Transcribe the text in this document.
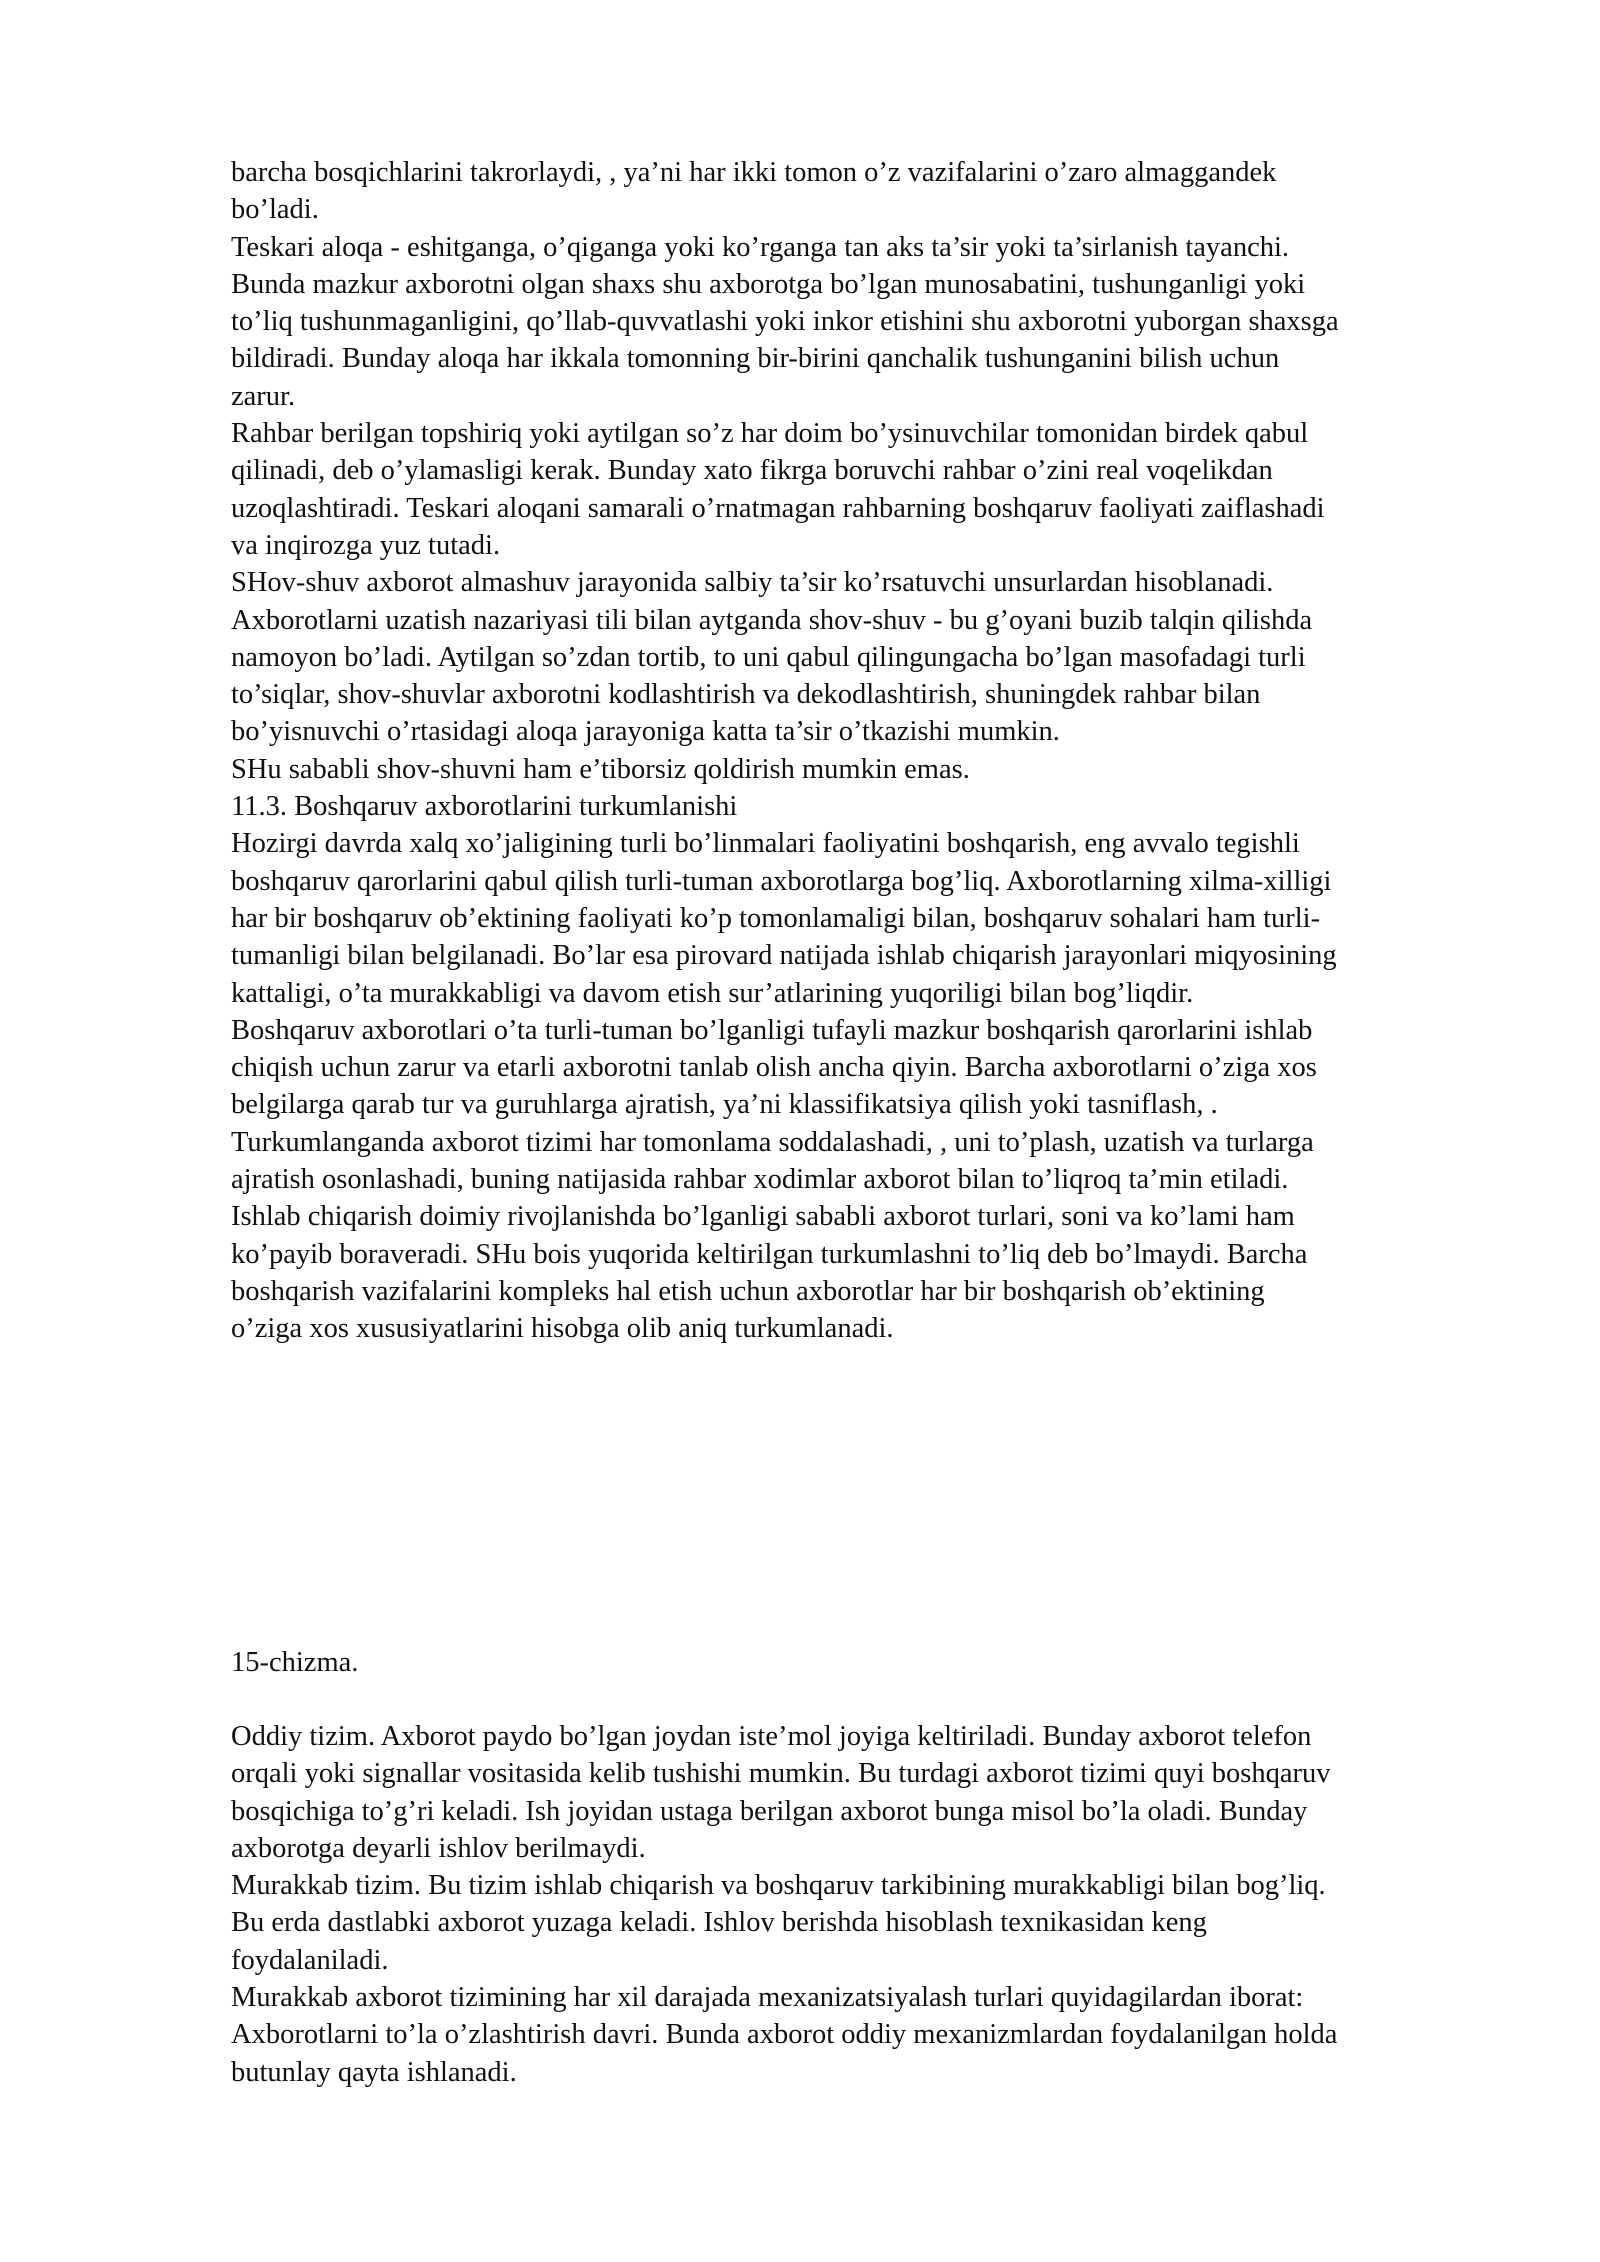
barcha bosqichlarini takrorlaydi, , ya’ni har ikki tomon o’z vazifalarini o’zaro almaggandek
bo’ladi.
Teskari aloqa - eshitganga, o’qiganga yoki ko’rganga tan aks ta’sir yoki ta’sirlanish tayanchi.
Bunda mazkur axborotni olgan shaxs shu axborotga bo’lgan munosabatini, tushunganligi yoki
to’liq tushunmaganligini, qo’llab-quvvatlashi yoki inkor etishini shu axborotni yuborgan shaxsga
bildiradi. Bunday aloqa har ikkala tomonning bir-birini qanchalik tushunganini bilish uchun
zarur.
Rahbar berilgan topshiriq yoki aytilgan so’z har doim bo’ysinuvchilar tomonidan birdek qabul
qilinadi, deb o’ylamasligi kerak. Bunday xato fikrga boruvchi rahbar o’zini real voqelikdan
uzoqlashtiradi. Teskari aloqani samarali o’rnatmagan rahbarning boshqaruv faoliyati zaiflashadi
va inqirozga yuz tutadi.
SHov-shuv axborot almashuv jarayonida salbiy ta’sir ko’rsatuvchi unsurlardan hisoblanadi.
Axborotlarni uzatish nazariyasi tili bilan aytganda shov-shuv - bu g’oyani buzib talqin qilishda
namoyon bo’ladi. Aytilgan so’zdan tortib, to uni qabul qilingungacha bo’lgan masofadagi turli
to’siqlar, shov-shuvlar axborotni kodlashtirish va dekodlashtirish, shuningdek rahbar bilan
bo’yisnuvchi o’rtasidagi aloqa jarayoniga katta ta’sir o’tkazishi mumkin.
SHu sababli shov-shuvni ham e’tiborsiz qoldirish mumkin emas.
11.3. Boshqaruv axborotlarini turkumlanishi
Hozirgi davrda xalq xo’jaligining turli bo’linmalari faoliyatini boshqarish, eng avvalo tegishli
boshqaruv qarorlarini qabul qilish turli-tuman axborotlarga bog’liq. Axborotlarning xilma-xilligi
har bir boshqaruv ob’ektining faoliyati ko’p tomonlamaligi bilan, boshqaruv sohalari ham turli-
tumanligi bilan belgilanadi. Bo’lar esa pirovard natijada ishlab chiqarish jarayonlari miqyosining
kattaligi, o’ta murakkabligi va davom etish sur’atlarining yuqoriligi bilan bog’liqdir.
Boshqaruv axborotlari o’ta turli-tuman bo’lganligi tufayli mazkur boshqarish qarorlarini ishlab
chiqish uchun zarur va etarli axborotni tanlab olish ancha qiyin. Barcha axborotlarni o’ziga xos
belgilarga qarab tur va guruhlarga ajratish, ya’ni klassifikatsiya qilish yoki tasniflash, .
Turkumlanganda axborot tizimi har tomonlama soddalashadi, , uni to’plash, uzatish va turlarga
ajratish osonlashadi, buning natijasida rahbar xodimlar axborot bilan to’liqroq ta’min etiladi.
Ishlab chiqarish doimiy rivojlanishda bo’lganligi sababli axborot turlari, soni va ko’lami ham
ko’payib boraveradi. SHu bois yuqorida keltirilgan turkumlashni to’liq deb bo’lmaydi. Barcha
boshqarish vazifalarini kompleks hal etish uchun axborotlar har bir boshqarish ob’ektining
o’ziga xos xususiyatlarini hisobga olib aniq turkumlanadi.
15-chizma.
Oddiy tizim. Axborot paydo bo’lgan joydan iste’mol joyiga keltiriladi. Bunday axborot telefon
orqali yoki signallar vositasida kelib tushishi mumkin. Bu turdagi axborot tizimi quyi boshqaruv
bosqichiga to’g’ri keladi. Ish joyidan ustaga berilgan axborot bunga misol bo’la oladi. Bunday
axborotga deyarli ishlov berilmaydi.
Murakkab tizim. Bu tizim ishlab chiqarish va boshqaruv tarkibining murakkabligi bilan bog’liq.
Bu erda dastlabki axborot yuzaga keladi. Ishlov berishda hisoblash texnikasidan keng
foydalaniladi.
Murakkab axborot tizimining har xil darajada mexanizatsiyalash turlari quyidagilardan iborat:
Axborotlarni to’la o’zlashtirish davri. Bunda axborot oddiy mexanizmlardan foydalanilgan holda
butunlay qayta ishlanadi.
